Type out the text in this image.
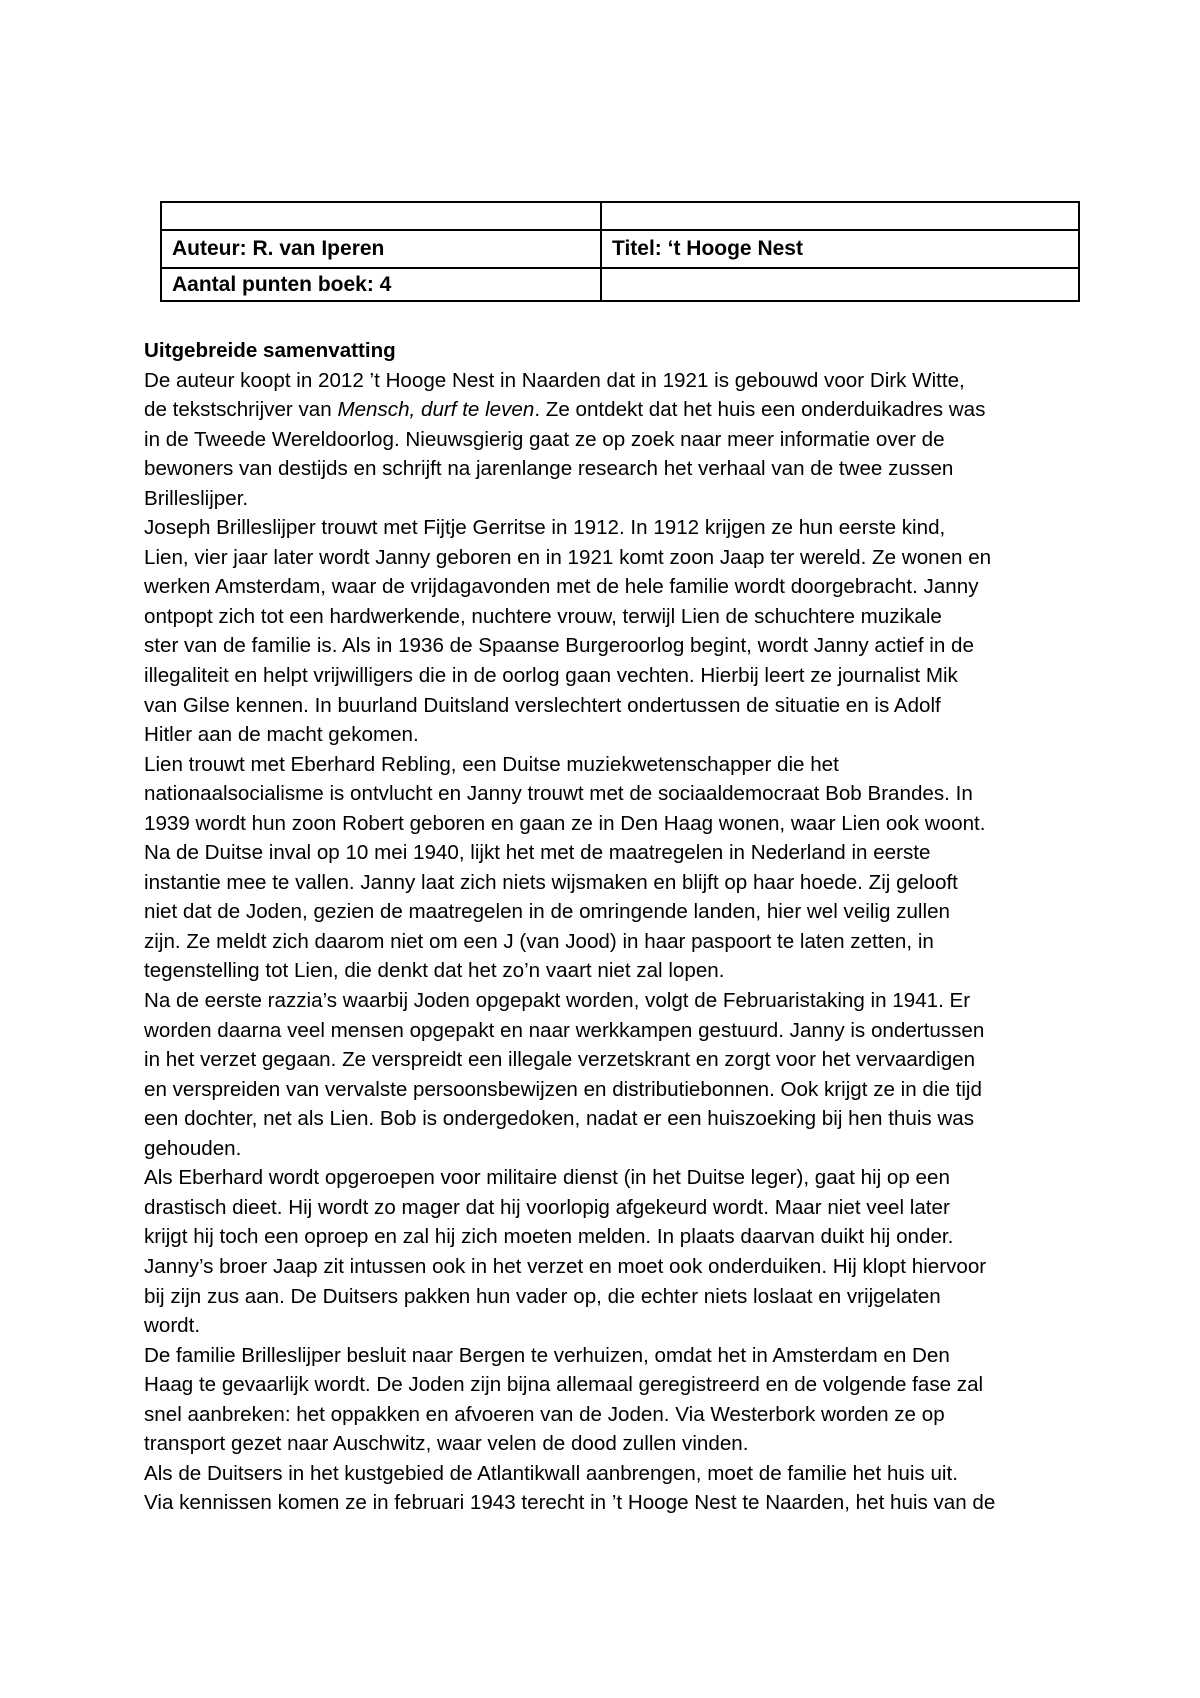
Auteur: R. van Iperen	Titel: ‘t Hooge Nest
Aantal punten boek: 4	
Uitgebreide samenvatting
De auteur koopt in 2012 ’t Hooge Nest in Naarden dat in 1921 is gebouwd voor Dirk Witte,
de tekstschrijver van Mensch, durf te leven. Ze ontdekt dat het huis een onderduikadres was
in de Tweede Wereldoorlog. Nieuwsgierig gaat ze op zoek naar meer informatie over de
bewoners van destijds en schrijft na jarenlange research het verhaal van de twee zussen
Brilleslijper.
Joseph Brilleslijper trouwt met Fijtje Gerritse in 1912. In 1912 krijgen ze hun eerste kind,
Lien, vier jaar later wordt Janny geboren en in 1921 komt zoon Jaap ter wereld. Ze wonen en
werken Amsterdam, waar de vrijdagavonden met de hele familie wordt doorgebracht. Janny
ontpopt zich tot een hardwerkende, nuchtere vrouw, terwijl Lien de schuchtere muzikale
ster van de familie is. Als in 1936 de Spaanse Burgeroorlog begint, wordt Janny actief in de
illegaliteit en helpt vrijwilligers die in de oorlog gaan vechten. Hierbij leert ze journalist Mik
van Gilse kennen. In buurland Duitsland verslechtert ondertussen de situatie en is Adolf
Hitler aan de macht gekomen.
Lien trouwt met Eberhard Rebling, een Duitse muziekwetenschapper die het
nationaalsocialisme is ontvlucht en Janny trouwt met de sociaaldemocraat Bob Brandes. In
1939 wordt hun zoon Robert geboren en gaan ze in Den Haag wonen, waar Lien ook woont.
Na de Duitse inval op 10 mei 1940, lijkt het met de maatregelen in Nederland in eerste
instantie mee te vallen. Janny laat zich niets wijsmaken en blijft op haar hoede. Zij gelooft
niet dat de Joden, gezien de maatregelen in de omringende landen, hier wel veilig zullen
zijn. Ze meldt zich daarom niet om een J (van Jood) in haar paspoort te laten zetten, in
tegenstelling tot Lien, die denkt dat het zo’n vaart niet zal lopen.
Na de eerste razzia’s waarbij Joden opgepakt worden, volgt de Februaristaking in 1941. Er
worden daarna veel mensen opgepakt en naar werkkampen gestuurd. Janny is ondertussen
in het verzet gegaan. Ze verspreidt een illegale verzetskrant en zorgt voor het vervaardigen
en verspreiden van vervalste persoonsbewijzen en distributiebonnen. Ook krijgt ze in die tijd
een dochter, net als Lien. Bob is ondergedoken, nadat er een huiszoeking bij hen thuis was
gehouden.
Als Eberhard wordt opgeroepen voor militaire dienst (in het Duitse leger), gaat hij op een
drastisch dieet. Hij wordt zo mager dat hij voorlopig afgekeurd wordt. Maar niet veel later
krijgt hij toch een oproep en zal hij zich moeten melden. In plaats daarvan duikt hij onder.
Janny’s broer Jaap zit intussen ook in het verzet en moet ook onderduiken. Hij klopt hiervoor
bij zijn zus aan. De Duitsers pakken hun vader op, die echter niets loslaat en vrijgelaten
wordt.
De familie Brilleslijper besluit naar Bergen te verhuizen, omdat het in Amsterdam en Den
Haag te gevaarlijk wordt. De Joden zijn bijna allemaal geregistreerd en de volgende fase zal
snel aanbreken: het oppakken en afvoeren van de Joden. Via Westerbork worden ze op
transport gezet naar Auschwitz, waar velen de dood zullen vinden.
Als de Duitsers in het kustgebied de Atlantikwall aanbrengen, moet de familie het huis uit.
Via kennissen komen ze in februari 1943 terecht in ’t Hooge Nest te Naarden, het huis van de
